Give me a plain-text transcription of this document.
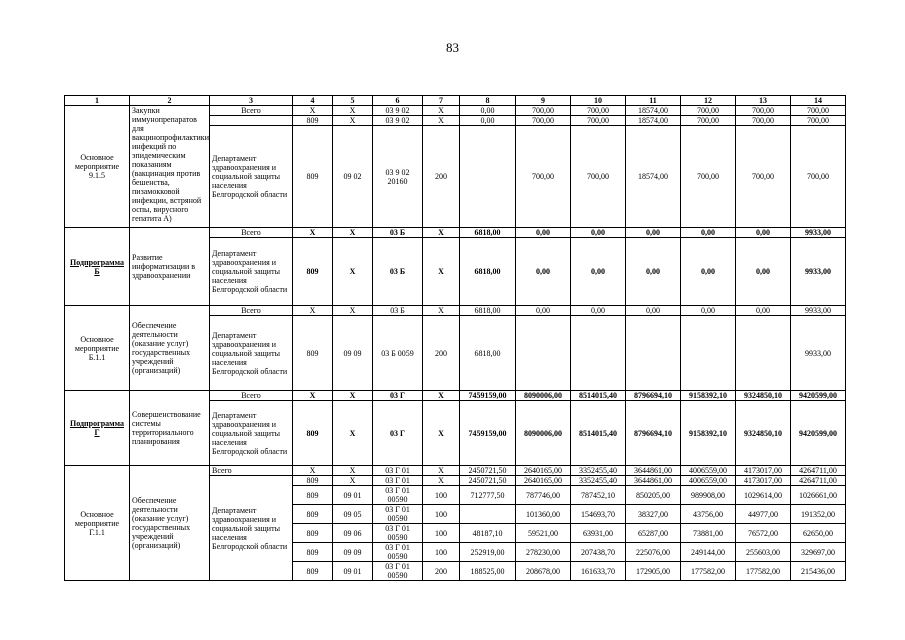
83
1	2	3	4	5	6	7	8	9	10	11	12	13	14
Основное мероприятие 9.1.5	Закупки иммунопрепаратов для вакцинопрофилактики инфекций по эпидемическим показаниям (вакцинация против бешенства, пизамокковой инфекции, встряной оспы, вирусного гепатита А)	Всего	Х	Х	03 9 02	Х	0,00	700,00	700,00	18574,00	700,00	700,00	700,00
			809	Х	03 9 02	Х	0,00	700,00	700,00	18574,00	700,00	700,00	700,00
		Департамент здравоохранения и социальной защиты населения Белгородской области	809	09 02	03 9 02 20160	200		700,00	700,00	18574,00	700,00	700,00	700,00
Подпрограмма Б	Развитие информатизации в здравоохранении	Всего	Х	Х	03 Б	Х	6818,00	0,00	0,00	0,00	0,00	0,00	9933,00
		Департамент здравоохранения и социальной защиты населения Белгородской области	809	Х	03 Б	Х	6818,00	0,00	0,00	0,00	0,00	0,00	9933,00
Основное мероприятие Б.1.1	Обеспечение деятельности (оказание услуг) государственных учреждений (организаций)	Всего	Х	Х	03 Б	Х	6818,00	0,00	0,00	0,00	0,00	0,00	9933,00
		Департамент здравоохранения и социальной защиты населения Белгородской области	809	09 09	03 Б 0059	200	6818,00						9933,00
Подпрограмма Г	Совершенствование системы территориального планирования	Всего	Х	Х	03 Г	Х	7459159,00	8090006,00	8514015,40	8796694,10	9158392,10	9324850,10	9420599,00
		Департамент здравоохранения и социальной защиты населения Белгородской области	809	Х	03 Г	Х	7459159,00	8090006,00	8514015,40	8796694,10	9158392,10	9324850,10	9420599,00
Основное мероприятие Г.1.1	Обеспечение деятельности (оказание услуг) государственных учреждений (организаций)	Всего	Х	Х	03 Г 01	Х	2450721,50	2640165,00	3352455,40	3644861,00	4006559,00	4173017,00	4264711,00
		Департамент здравоохранения и социальной защиты населения Белгородской области	809	Х	03 Г 01	Х	2450721,50	2640165,00	3352455,40	3644861,00	4006559,00	4173017,00	4264711,00
			809	09 01	03 Г 01 00590	100	712777,50	787746,00	787452,10	850205,00	989908,00	1029614,00	1026661,00
			809	09 05	03 Г 01 00590	100		101360,00	154693,70	38327,00	43756,00	44977,00	191352,00
			809	09 06	03 Г 01 00590	100	48187,10	59521,00	63931,00	65287,00	73881,00	76572,00	62650,00
			809	09 09	03 Г 01 00590	100	252919,00	278230,00	207438,70	225076,00	249144,00	255603,00	329697,00
			809	09 01	03 Г 01 00590	200	188525,00	208678,00	161633,70	172905,00	177582,00	177582,00	215436,00
